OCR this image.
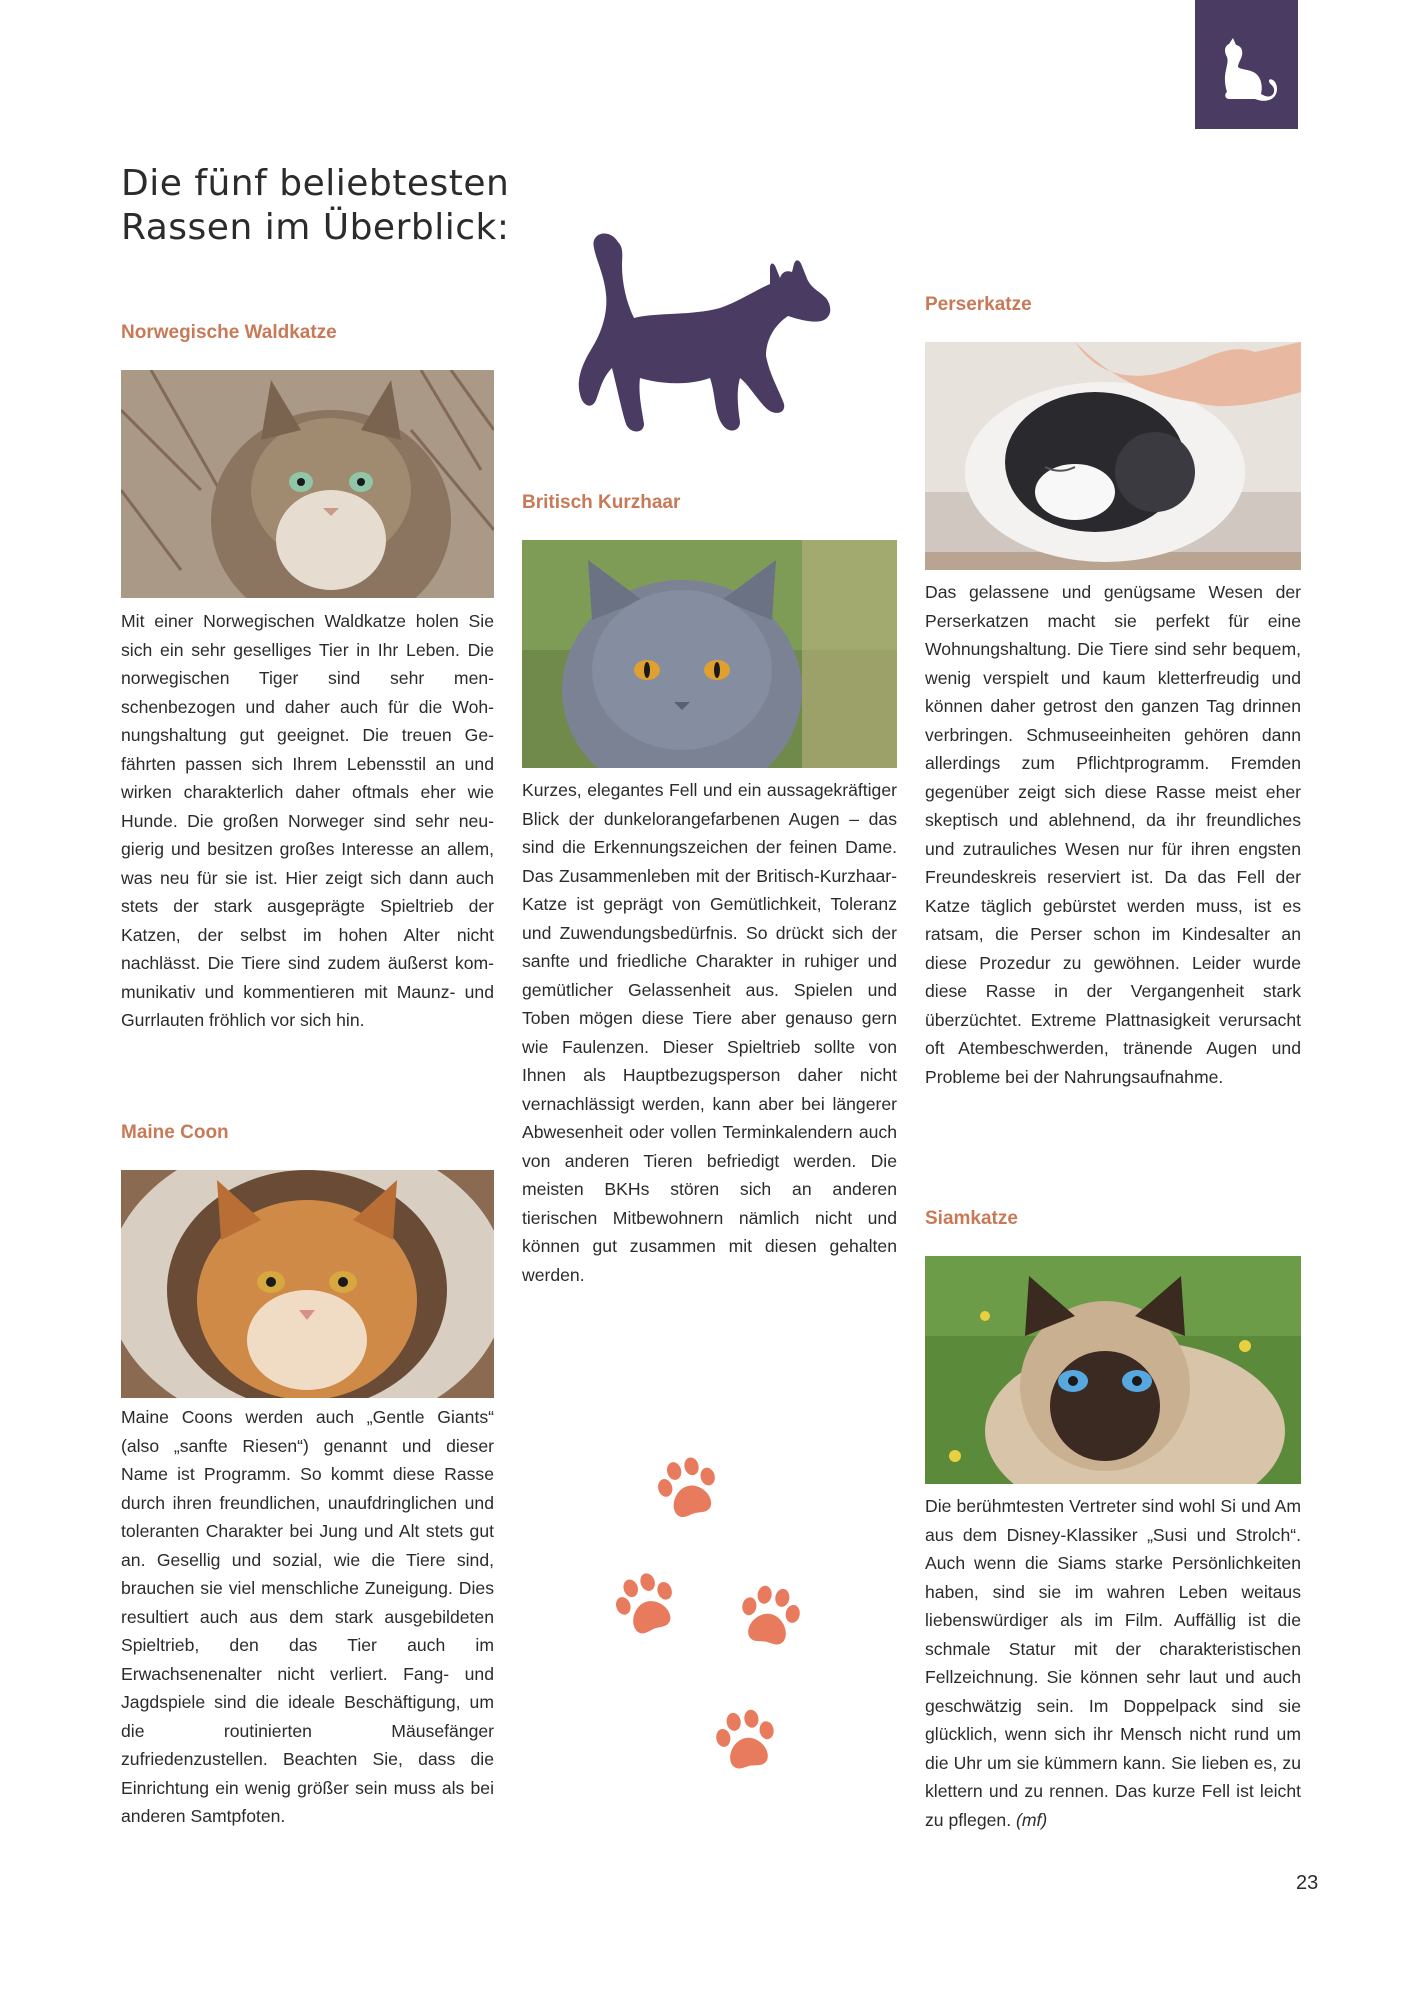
Die fünf beliebtesten Rassen im Überblick:
Norwegische Waldkatze

Mit einer Norwegischen Waldkatze holen Sie sich ein sehr geselliges Tier in Ihr Leben. Die norwegischen Tiger sind sehr menschenbezogen und daher auch für die Wohnungshaltung gut geeignet. Die treuen Gefährten passen sich Ihrem Lebensstil an und wirken charakterlich daher oftmals eher wie Hunde. Die großen Norweger sind sehr neugierig und besitzen großes Interesse an allem, was neu für sie ist. Hier zeigt sich dann auch stets der stark ausgeprägte Spieltrieb der Katzen, der selbst im hohen Alter nicht nachlässt. Die Tiere sind zudem äußerst kommunikativ und kommentieren mit Maunz- und Gurrlauten fröhlich vor sich hin.

Maine Coon

Maine Coons werden auch „Gentle Giants“ (also „sanfte Riesen“) genannt und dieser Name ist Programm. So kommt diese Rasse durch ihren freundlichen, unaufdringlichen und toleranten Charakter bei Jung und Alt stets gut an. Gesellig und sozial, wie die Tiere sind, brauchen sie viel menschliche Zuneigung. Dies resultiert auch aus dem stark ausgebildeten Spieltrieb, den das Tier auch im Erwachsenenalter nicht verliert. Fang- und Jagdspiele sind die ideale Beschäftigung, um die routinierten Mäusefänger zufriedenzustellen. Beachten Sie, dass die Einrichtung ein wenig größer sein muss als bei anderen Samtpfoten.

Britisch Kurzhaar

Kurzes, elegantes Fell und ein aussagekräftiger Blick der dunkelorangefarbenen Augen – das sind die Erkennungszeichen der feinen Dame. Das Zusammenleben mit der Britisch-Kurzhaar-Katze ist geprägt von Gemütlichkeit, Toleranz und Zuwendungsbedürfnis. So drückt sich der sanfte und friedliche Charakter in ruhiger und gemütlicher Gelassenheit aus. Spielen und Toben mögen diese Tiere aber genauso gern wie Faulenzen. Dieser Spieltrieb sollte von Ihnen als Hauptbezugsperson daher nicht vernachlässigt werden, kann aber bei längerer Abwesenheit oder vollen Terminkalendern auch von anderen Tieren befriedigt werden. Die meisten BKHs stören sich an anderen tierischen Mitbewohnern nämlich nicht und können gut zusammen mit diesen gehalten werden.

Perserkatze

Das gelassene und genügsame Wesen der Perserkatzen macht sie perfekt für eine Wohnungshaltung. Die Tiere sind sehr bequem, wenig verspielt und kaum kletterfreudig und können daher getrost den ganzen Tag drinnen verbringen. Schmuseeinheiten gehören dann allerdings zum Pflichtprogramm. Fremden gegenüber zeigt sich diese Rasse meist eher skeptisch und ablehnend, da ihr freundliches und zutrauliches Wesen nur für ihren engsten Freundeskreis reserviert ist. Da das Fell der Katze täglich gebürstet werden muss, ist es ratsam, die Perser schon im Kindesalter an diese Prozedur zu gewöhnen. Leider wurde diese Rasse in der Vergangenheit stark überzüchtet. Extreme Plattnasigkeit verursacht oft Atembeschwerden, tränende Augen und Probleme bei der Nahrungsaufnahme.

Siamkatze

Die berühmtesten Vertreter sind wohl Si und Am aus dem Disney-Klassiker „Susi und Strolch“. Auch wenn die Siams starke Persönlichkeiten haben, sind sie im wahren Leben weitaus liebenswürdiger als im Film. Auffällig ist die schmale Statur mit der charakteristischen Fellzeichnung. Sie können sehr laut und auch geschwätzig sein. Im Doppelpack sind sie glücklich, wenn sich ihr Mensch nicht rund um die Uhr um sie kümmern kann. Sie lieben es, zu klettern und zu rennen. Das kurze Fell ist leicht zu pflegen. (mf)

23
